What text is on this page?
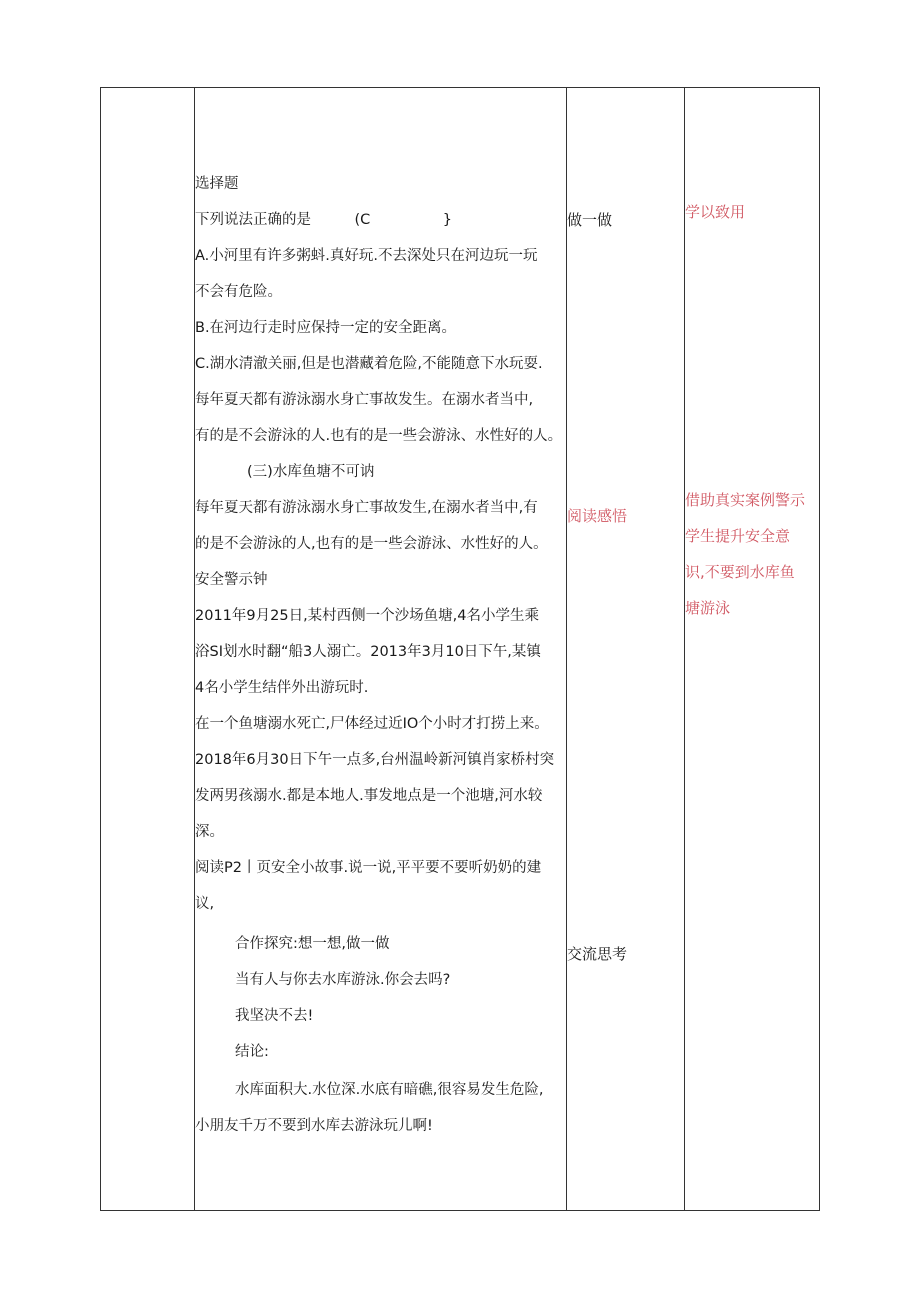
选择题
下列说法正确的是　　　(C　　　　　}
A.小河里有许多粥蚪.真好玩.不去深处只在河边玩一玩
不会有危险。
B.在河边行走时应保持一定的安全距离。
C.湖水清澈关丽,但是也潜藏着危险,不能随意下水玩耍.
每年夏天都有游泳溺水身亡事故发生。在溺水者当中,
有的是不会游泳的人.也有的是一些会游泳、水性好的人。
(三)水库鱼塘不可讷
每年夏天都有游泳溺水身亡事故发生,在溺水者当中,有
的是不会游泳的人,也有的是一些会游泳、水性好的人。
安全警示钟
2011年9月25日,某村西侧一个沙场鱼塘,4名小学生乘
浴SI划水时翻“船3人溺亡。2013年3月10日下午,某镇
4名小学生结伴外出游玩时.
在一个鱼塘溺水死亡,尸体经过近IO个小时才打捞上来。
2018年6月30日下午一点多,台州温岭新河镇肖家桥村突
发两男孩溺水.都是本地人.事发地点是一个池塘,河水较
深。
阅读P2丨页安全小故事.说一说,平平要不要听奶奶的建
议,
合作探究:想一想,做一做
当有人与你去水库游泳.你会去吗?
我坚决不去!
结论:
水库面积大.水位深.水底有暗礁,很容易发生危险,
小朋友千万不要到水库去游泳玩儿啊!
做一做
阅读感悟
交流思考
学以致用
借助真实案例警示
学生提升安全意
识,不要到水库鱼
塘游泳
